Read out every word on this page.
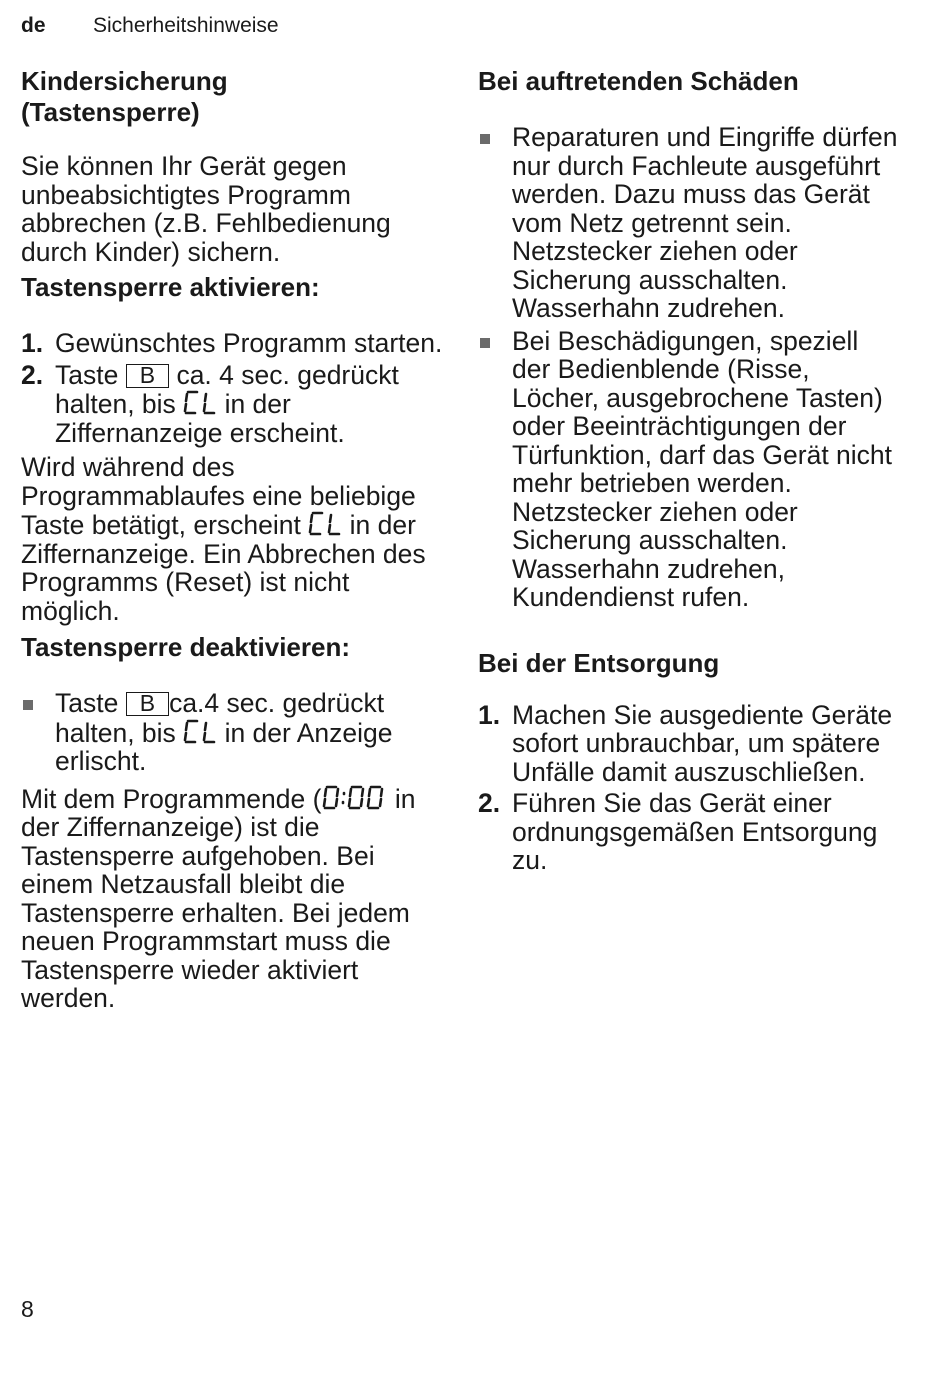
de Sicherheitshinweise
Kindersicherung (Tastensperre)

Sie können Ihr Gerät gegen unbeabsichtigtes Programm abbrechen (z.B. Fehlbedienung durch Kinder) sichern.

Tastensperre aktivieren:
1. Gewünschtes Programm starten.
2. Taste B ca. 4 sec. gedrückt halten, bis in der Ziffernanzeige erscheint.

Wird während des Programmablaufes eine beliebige Taste betätigt, erscheint in der Ziffernanzeige. Ein Abbrechen des Programms (Reset) ist nicht möglich.

Tastensperre deaktivieren:
Taste B ca.4 sec. gedrückt halten, bis in der Anzeige erlischt.

Mit dem Programmende (	in der Ziffernanzeige) ist die Tastensperre aufgehoben. Bei einem Netzausfall bleibt die Tastensperre erhalten. Bei jedem neuen Programmstart muss die Tastensperre wieder aktiviert werden.

Bei auftretenden Schäden
Reparaturen und Eingriffe dürfen nur durch Fachleute ausgeführt werden. Dazu muss das Gerät vom Netz getrennt sein. Netzstecker ziehen oder Sicherung ausschalten. Wasserhahn zudrehen.
Bei Beschädigungen, speziell der Bedienblende (Risse, Löcher, ausgebrochene Tasten) oder Beeinträchtigungen der Türfunktion, darf das Gerät nicht mehr betrieben werden. Netzstecker ziehen oder Sicherung ausschalten. Wasserhahn zudrehen, Kundendienst rufen.
Bei der Entsorgung
1. Machen Sie ausgediente Geräte sofort unbrauchbar, um spätere Unfälle damit auszuschließen.
2. Führen Sie das Gerät einer ordnungsgemäßen Entsorgung zu.
8
